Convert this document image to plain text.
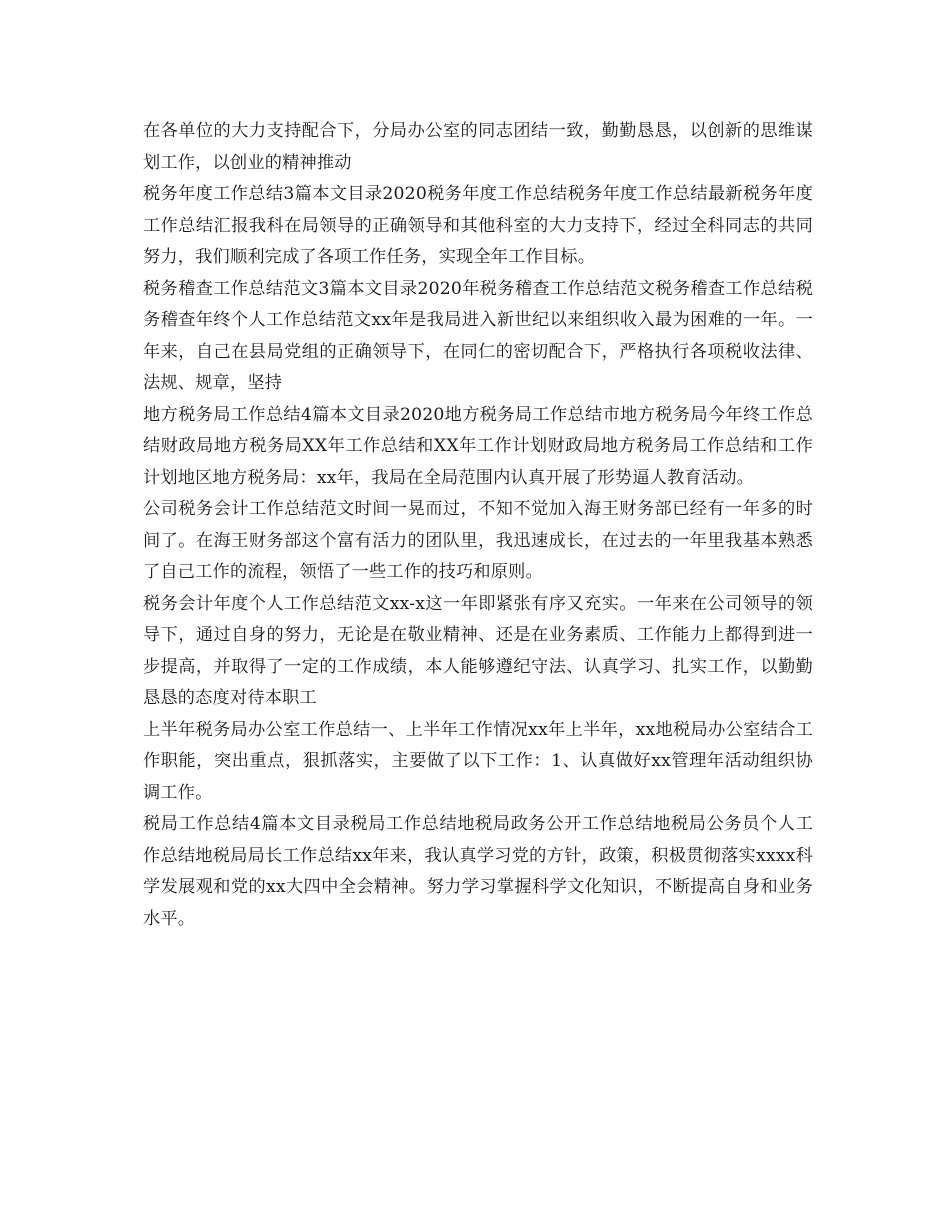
在各单位的大力支持配合下，分局办公室的同志团结一致，勤勤恳恳，以创新的思维谋划工作，以创业的精神推动

税务年度工作总结3篇本文目录2020税务年度工作总结税务年度工作总结最新税务年度工作总结汇报我科在局领导的正确领导和其他科室的大力支持下，经过全科同志的共同努力，我们顺利完成了各项工作任务，实现全年工作目标。

税务稽查工作总结范文3篇本文目录2020年税务稽查工作总结范文税务稽查工作总结税务稽查年终个人工作总结范文xx年是我局进入新世纪以来组织收入最为困难的一年。一年来，自己在县局党组的正确领导下，在同仁的密切配合下，严格执行各项税收法律、法规、规章，坚持

地方税务局工作总结4篇本文目录2020地方税务局工作总结市地方税务局今年终工作总结财政局地方税务局XX年工作总结和XX年工作计划财政局地方税务局工作总结和工作计划地区地方税务局：xx年，我局在全局范围内认真开展了形势逼人教育活动。

公司税务会计工作总结范文时间一晃而过，不知不觉加入海王财务部已经有一年多的时间了。在海王财务部这个富有活力的团队里，我迅速成长，在过去的一年里我基本熟悉了自己工作的流程，领悟了一些工作的技巧和原则。

税务会计年度个人工作总结范文xx-x这一年即紧张有序又充实。一年来在公司领导的领导下，通过自身的努力，无论是在敬业精神、还是在业务素质、工作能力上都得到进一步提高，并取得了一定的工作成绩，本人能够遵纪守法、认真学习、扎实工作，以勤勤恳恳的态度对待本职工

上半年税务局办公室工作总结一、上半年工作情况xx年上半年，xx地税局办公室结合工作职能，突出重点，狠抓落实，主要做了以下工作：1、认真做好xx管理年活动组织协调工作。

税局工作总结4篇本文目录税局工作总结地税局政务公开工作总结地税局公务员个人工作总结地税局局长工作总结xx年来，我认真学习党的方针，政策，积极贯彻落实xxxx科学发展观和党的xx大四中全会精神。努力学习掌握科学文化知识，不断提高自身和业务水平。
